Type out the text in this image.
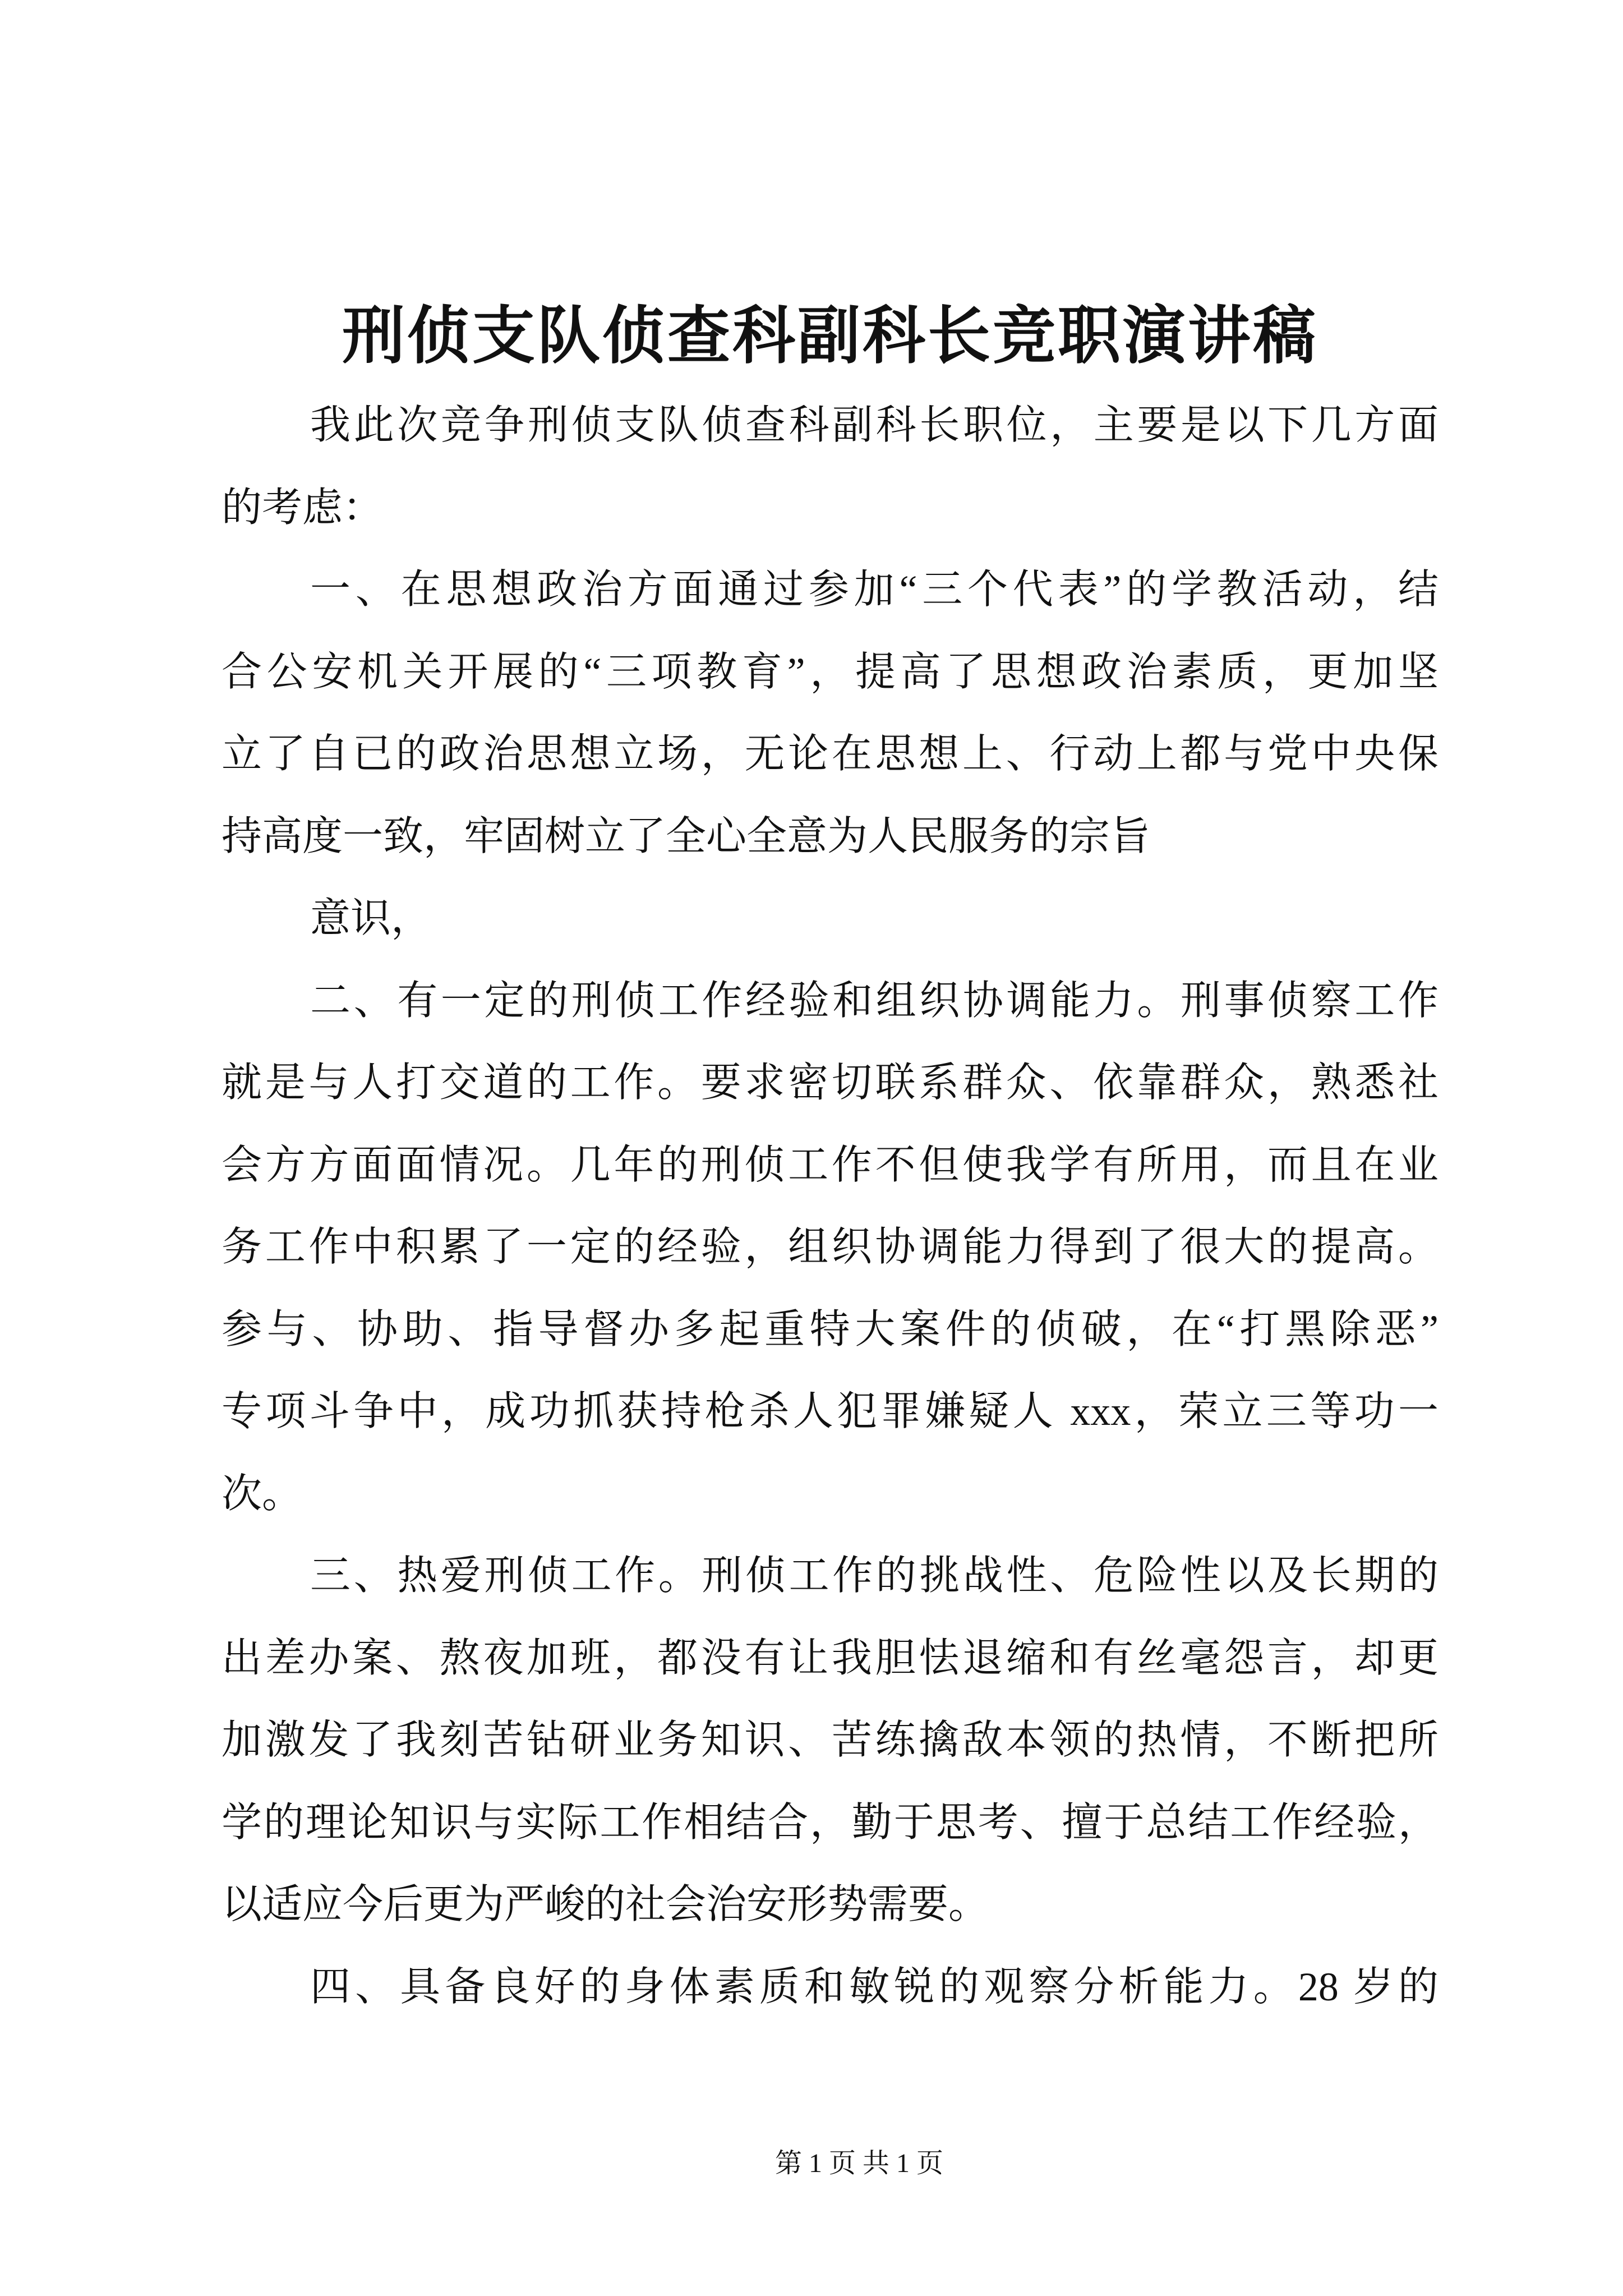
刑侦支队侦查科副科长竞职演讲稿
我此次竞争刑侦支队侦查科副科长职位，主要是以下几方面
的考虑：
一、在思想政治方面通过参加“三个代表”的学教活动，结
合公安机关开展的“三项教育”，提高了思想政治素质，更加坚
立了自已的政治思想立场，无论在思想上、行动上都与党中央保
持高度一致，牢固树立了全心全意为人民服务的宗旨
意识，
二、有一定的刑侦工作经验和组织协调能力。刑事侦察工作
就是与人打交道的工作。要求密切联系群众、依靠群众，熟悉社
会方方面面情况。几年的刑侦工作不但使我学有所用，而且在业
务工作中积累了一定的经验，组织协调能力得到了很大的提高。
参与、协助、指导督办多起重特大案件的侦破，在“打黑除恶”
专项斗争中，成功抓获持枪杀人犯罪嫌疑人 xxx，荣立三等功一
次。
三、热爱刑侦工作。刑侦工作的挑战性、危险性以及长期的
出差办案、熬夜加班，都没有让我胆怯退缩和有丝毫怨言，却更
加激发了我刻苦钻研业务知识、苦练擒敌本领的热情，不断把所
学的理论知识与实际工作相结合，勤于思考、擅于总结工作经验，
以适应今后更为严峻的社会治安形势需要。
四、具备良好的身体素质和敏锐的观察分析能力。28 岁的
第 1 页 共 1 页
